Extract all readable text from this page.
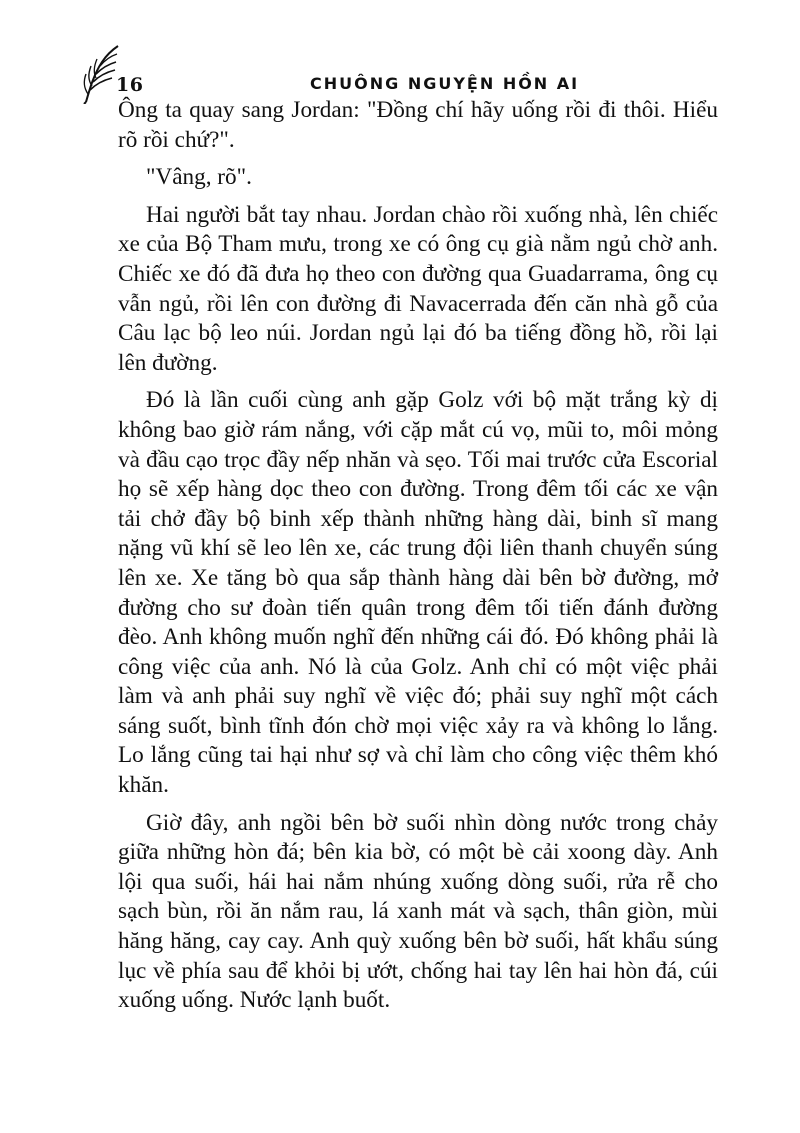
16	CHUÔNG NGUYỆN HỒN AI

Ông ta quay sang Jordan: "Đồng chí hãy uống rồi đi thôi. Hiểu rõ rồi chứ?".

"Vâng, rõ".

Hai người bắt tay nhau. Jordan chào rồi xuống nhà, lên chiếc xe của Bộ Tham mưu, trong xe có ông cụ già nằm ngủ chờ anh. Chiếc xe đó đã đưa họ theo con đường qua Guadarrama, ông cụ vẫn ngủ, rồi lên con đường đi Navacerrada đến căn nhà gỗ của Câu lạc bộ leo núi. Jordan ngủ lại đó ba tiếng đồng hồ, rồi lại lên đường.

Đó là lần cuối cùng anh gặp Golz với bộ mặt trắng kỳ dị không bao giờ rám nắng, với cặp mắt cú vọ, mũi to, môi mỏng và đầu cạo trọc đầy nếp nhăn và sẹo. Tối mai trước cửa Escorial họ sẽ xếp hàng dọc theo con đường. Trong đêm tối các xe vận tải chở đầy bộ binh xếp thành những hàng dài, binh sĩ mang nặng vũ khí sẽ leo lên xe, các trung đội liên thanh chuyển súng lên xe. Xe tăng bò qua sắp thành hàng dài bên bờ đường, mở đường cho sư đoàn tiến quân trong đêm tối tiến đánh đường đèo. Anh không muốn nghĩ đến những cái đó. Đó không phải là công việc của anh. Nó là của Golz. Anh chỉ có một việc phải làm và anh phải suy nghĩ về việc đó; phải suy nghĩ một cách sáng suốt, bình tĩnh đón chờ mọi việc xảy ra và không lo lắng. Lo lắng cũng tai hại như sợ và chỉ làm cho công việc thêm khó khăn.

Giờ đây, anh ngồi bên bờ suối nhìn dòng nước trong chảy giữa những hòn đá; bên kia bờ, có một bè cải xoong dày. Anh lội qua suối, hái hai nắm nhúng xuống dòng suối, rửa rễ cho sạch bùn, rồi ăn nắm rau, lá xanh mát và sạch, thân giòn, mùi hăng hăng, cay cay. Anh quỳ xuống bên bờ suối, hất khẩu súng lục về phía sau để khỏi bị ướt, chống hai tay lên hai hòn đá, cúi xuống uống. Nước lạnh buốt.
